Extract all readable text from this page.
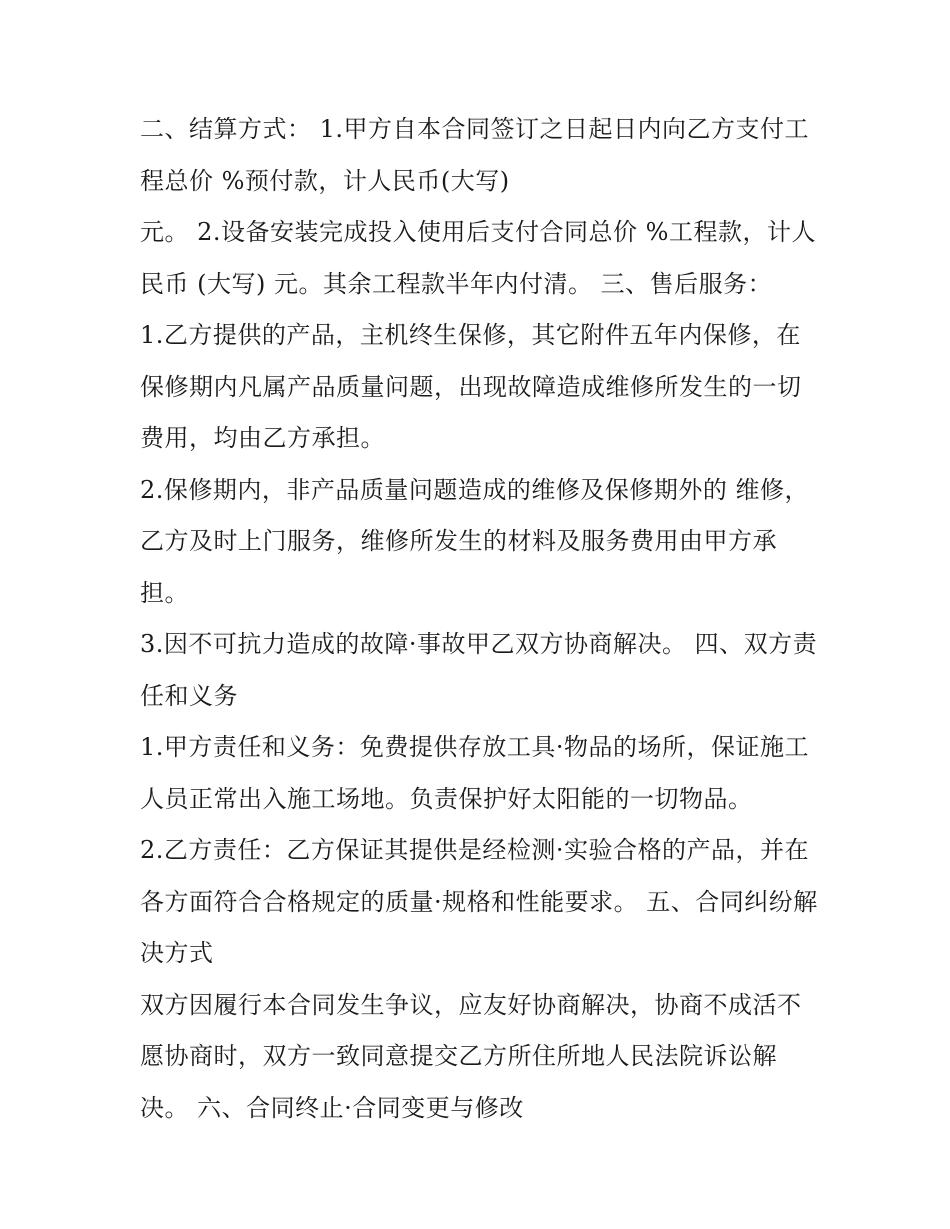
二、结算方式： 1.甲方自本合同签订之日起日内向乙方支付工程总价 %预付款，计人民币(大写)

元。 2.设备安装完成投入使用后支付合同总价 %工程款，计人民币 (大写) 元。其余工程款半年内付清。 三、售后服务：

1.乙方提供的产品，主机终生保修，其它附件五年内保修，在保修期内凡属产品质量问题，出现故障造成维修所发生的一切费用，均由乙方承担。

2.保修期内，非产品质量问题造成的维修及保修期外的 维修，乙方及时上门服务，维修所发生的材料及服务费用由甲方承担。

3.因不可抗力造成的故障·事故甲乙双方协商解决。 四、双方责任和义务

1.甲方责任和义务：免费提供存放工具·物品的场所，保证施工人员正常出入施工场地。负责保护好太阳能的一切物品。

2.乙方责任：乙方保证其提供是经检测·实验合格的产品，并在各方面符合合格规定的质量·规格和性能要求。 五、合同纠纷解决方式

双方因履行本合同发生争议，应友好协商解决，协商不成活不愿协商时，双方一致同意提交乙方所住所地人民法院诉讼解决。 六、合同终止·合同变更与修改
